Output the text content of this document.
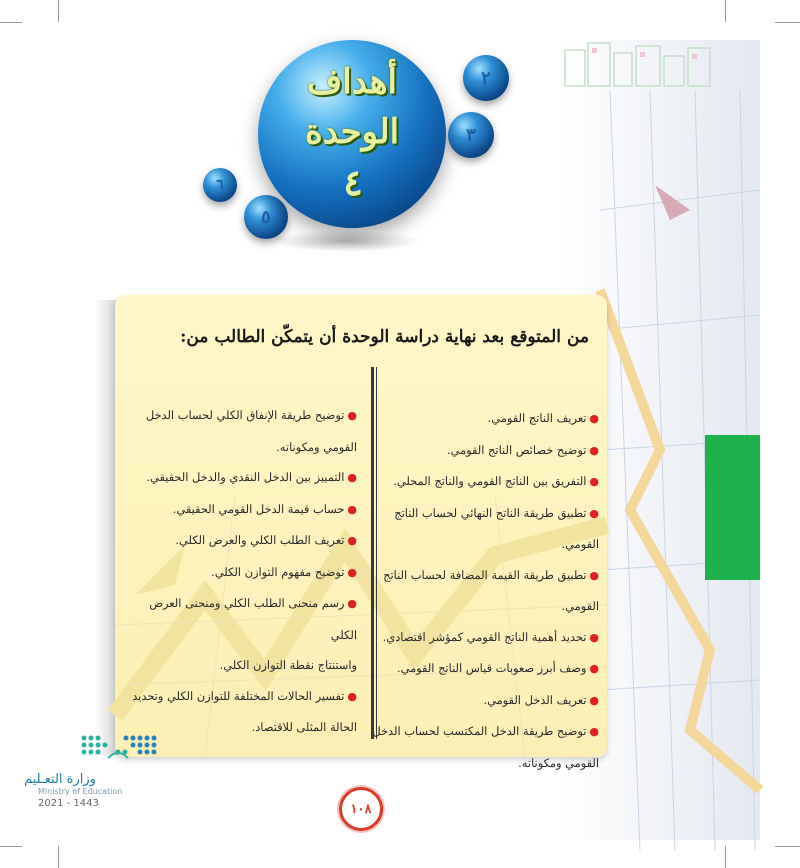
٢
٣
٥
٦
أهداف
الوحدة
٤
من المتوقع بعد نهاية دراسة الوحدة أن يتمكّن الطالب من:
●تعريف الناتج القومي.
●توضيح خصائص الناتج القومي.
●التفريق بين الناتج القومي والناتج المحلي.
●تطبيق طريقة الناتج النهائي لحساب الناتج القومي.
●تطبيق طريقة القيمة المضافة لحساب الناتج القومي.
●تحديد أهمية الناتج القومي كمؤشر اقتصادي.
●وصف أبرز صعوبات قياس الناتج القومي.
●تعريف الدخل القومي.
●توضيح طريقة الدخل المكتسب لحساب الدخل
القومي ومكوناته.
●توضيح طريقة الإنفاق الكلي لحساب الدخل
القومي ومكوناته.
●التمييز بين الدخل النقدي والدخل الحقيقي.
●حساب قيمة الدخل القومي الحقيقي.
●تعريف الطلب الكلي والعرض الكلي.
●توضيح مفهوم التوازن الكلي.
●رسم منحنى الطلب الكلي ومنحنى العرض الكلي
واستنتاج نقطة التوازن الكلي.
●تفسير الحالات المختلفة للتوازن الكلي وتحديد
الحالة المثلى للاقتصاد.
وزارة التعـليم
Ministry of Education
2021 - 1443	١٠٨
